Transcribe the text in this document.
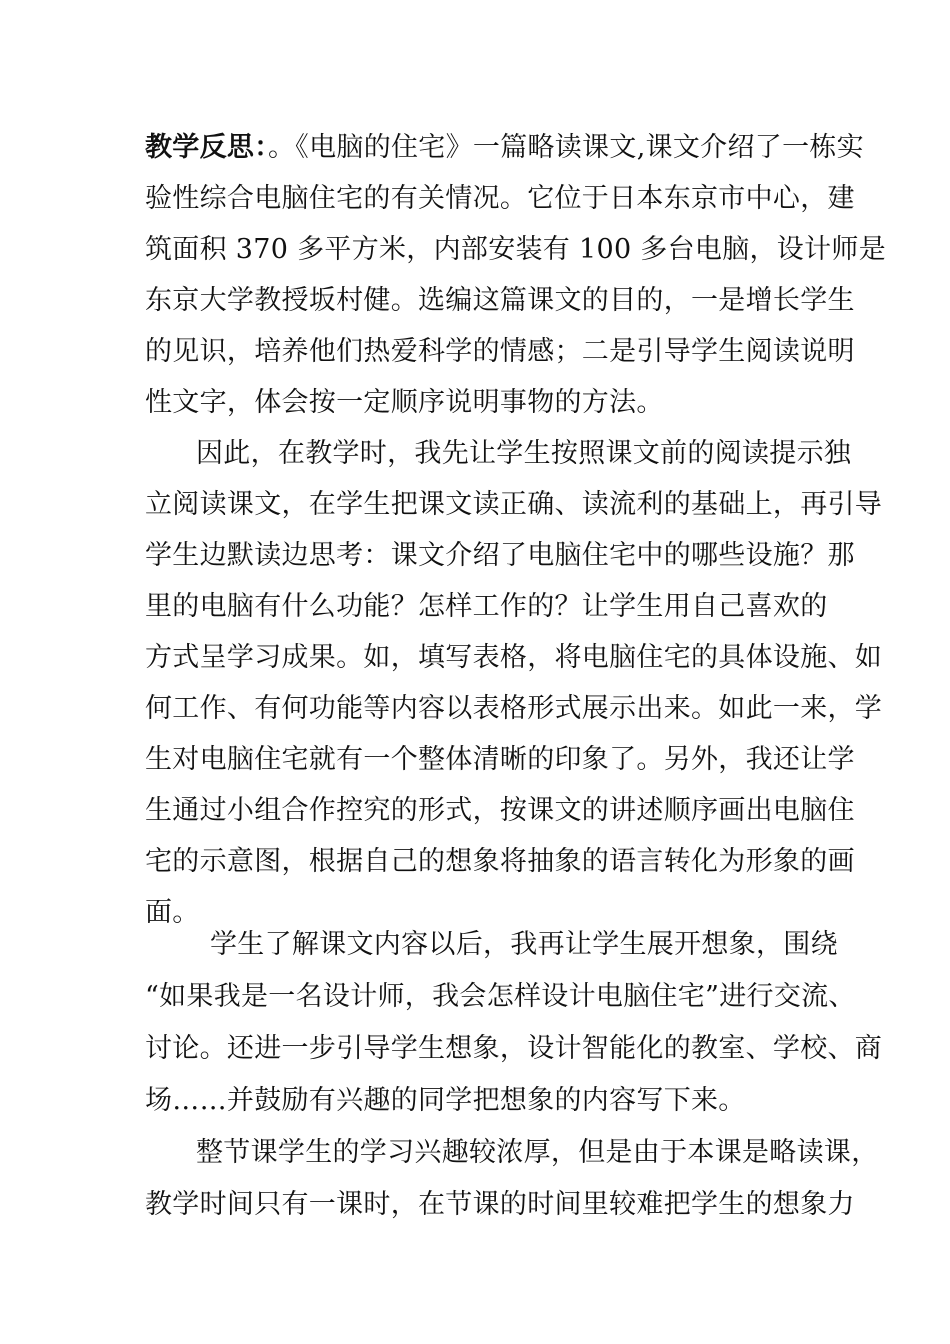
教学反思：。《电脑的住宅》一篇略读课文,课文介绍了一栋实
验性综合电脑住宅的有关情况。它位于日本东京市中心，建
筑面积 370 多平方米，内部安装有 100 多台电脑，设计师是
东京大学教授坂村健。选编这篇课文的目的，一是增长学生
的见识，培养他们热爱科学的情感；二是引导学生阅读说明
性文字，体会按一定顺序说明事物的方法。
因此，在教学时，我先让学生按照课文前的阅读提示独
立阅读课文，在学生把课文读正确、读流利的基础上，再引导
学生边默读边思考：课文介绍了电脑住宅中的哪些设施？那
里的电脑有什么功能？怎样工作的？让学生用自己喜欢的
方式呈学习成果。如，填写表格，将电脑住宅的具体设施、如
何工作、有何功能等内容以表格形式展示出来。如此一来，学
生对电脑住宅就有一个整体清晰的印象了。另外，我还让学
生通过小组合作控究的形式，按课文的讲述顺序画出电脑住
宅的示意图，根据自己的想象将抽象的语言转化为形象的画
面。
学生了解课文内容以后，我再让学生展开想象，围绕
“如果我是一名设计师，我会怎样设计电脑住宅”进行交流、
讨论。还进一步引导学生想象，设计智能化的教室、学校、商
场……并鼓励有兴趣的同学把想象的内容写下来。
整节课学生的学习兴趣较浓厚，但是由于本课是略读课，
教学时间只有一课时，在节课的时间里较难把学生的想象力
